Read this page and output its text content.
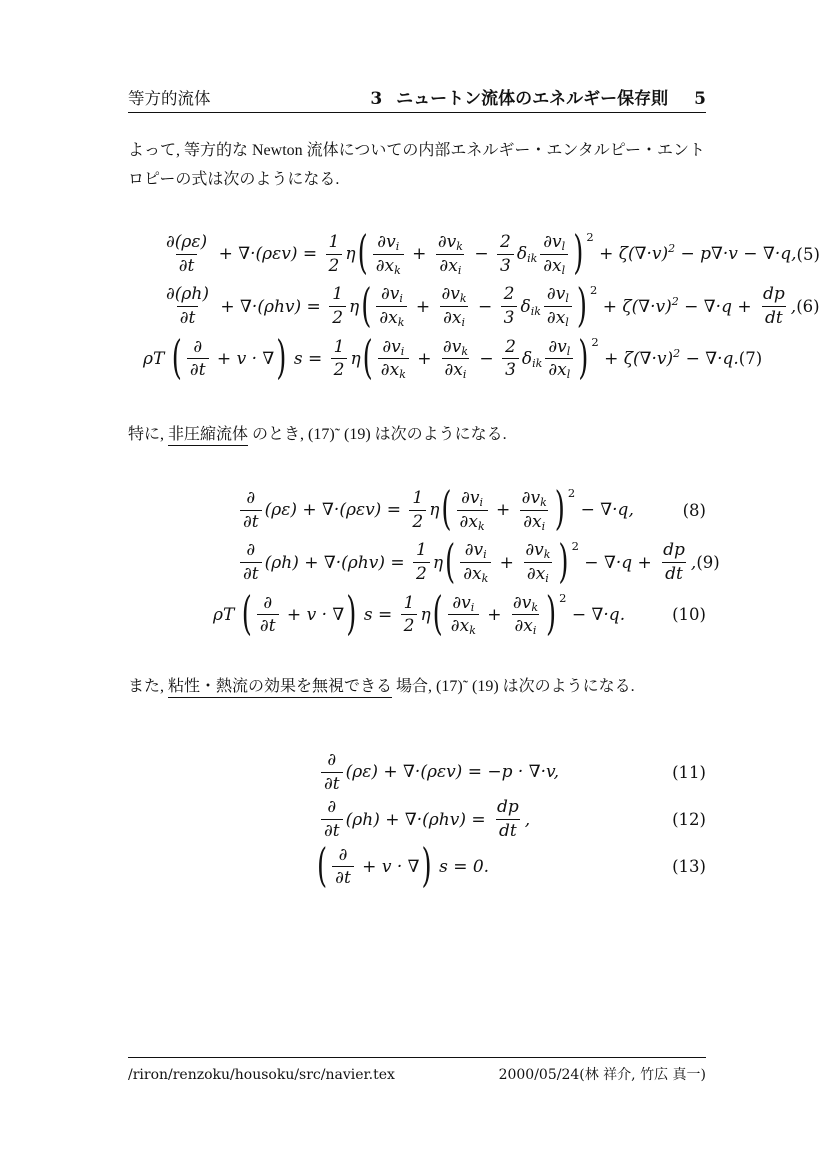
等方的流体	3 ニュートン流体のエネルギー保存則 5
よって, 等方的な Newton 流体についての内部エネルギー・エンタルピー・エント
ロピーの式は次のようになる.
$\frac{\partial(\rho\varepsilon)}{\partial t} + \nabla\cdot(\rho\varepsilon v) = \frac{1}{2}$ η ( $\frac{\partial v_i}{\partial x_k} + \frac{\partial v_k}{\partial x_i} - \frac{2}{3} \delta_{ik} \frac{\partial v_l}{\partial x_l}$ ) 2
+ $\zeta(\nabla\cdot v)^2 - p\nabla\cdot v - \nabla\cdot q$, (5)
$\frac{\partial(\rho h)}{\partial t} + \nabla\cdot(\rho hv) = \frac{1}{2}$ η ( $\frac{\partial v_i}{\partial x_k} + \frac{\partial v_k}{\partial x_i} - \frac{2}{3} \delta_{ik} \frac{\partial v_l}{\partial x_l}$ ) 2
+ $\zeta(\nabla\cdot v)^2 - \nabla\cdot q + \frac{dp}{dt}$ , (6)
ρT ( $\frac{\partial}{\partial t} + v$ · ∇ ) $s = \frac{1}{2}$ η ( $\frac{\partial v_i}{\partial x_k} + \frac{\partial v_k}{\partial x_i} - \frac{2}{3} \delta_{ik} \frac{\partial v_l}{\partial x_l}$ ) 2
+ $\zeta(\nabla\cdot v)^2 - \nabla\cdot q$. (7)
特に, 非圧縮流体 のとき, (17)˜ (19) は次のようになる.
$\frac{\partial}{\partial t} (\rho\varepsilon) + \nabla\cdot(\rho\varepsilon v) = \frac{1}{2}$ η ( $\frac{\partial v_i}{\partial x_k} + \frac{\partial v_k}{\partial x_i}$ ) 2
− ∇·q,	(8)
$\frac{\partial}{\partial t} (\rho h) + \nabla\cdot(\rho hv) = \frac{1}{2}$ η ( $\frac{\partial v_i}{\partial x_k} + \frac{\partial v_k}{\partial x_i}$ ) 2
− $\nabla\cdot q + \frac{dp}{dt}$ , (9)
ρT ( $\frac{\partial}{\partial t} + v$ · ∇ ) $s = \frac{1}{2}$ η ( $\frac{\partial v_i}{\partial x_k} + \frac{\partial v_k}{\partial x_i}$ ) 2
− ∇·q.	(10)
また, 粘性・熱流の効果を無視できる 場合, (17)˜ (19) は次のようになる.
$\frac{\partial}{\partial t} (\rho\varepsilon) + \nabla\cdot(\rho\varepsilon v) = -p \cdot \nabla\cdot v$,	(11)
$\frac{\partial}{\partial t} (\rho h) + \nabla\cdot(\rho hv) = \frac{dp}{dt}$ ,	(12)
( $\frac{\partial}{\partial t} + v$ · ∇ ) s = 0.	(13)
/riron/renzoku/housoku/src/navier.tex	2000/05/24(林 祥介, 竹広 真一)
